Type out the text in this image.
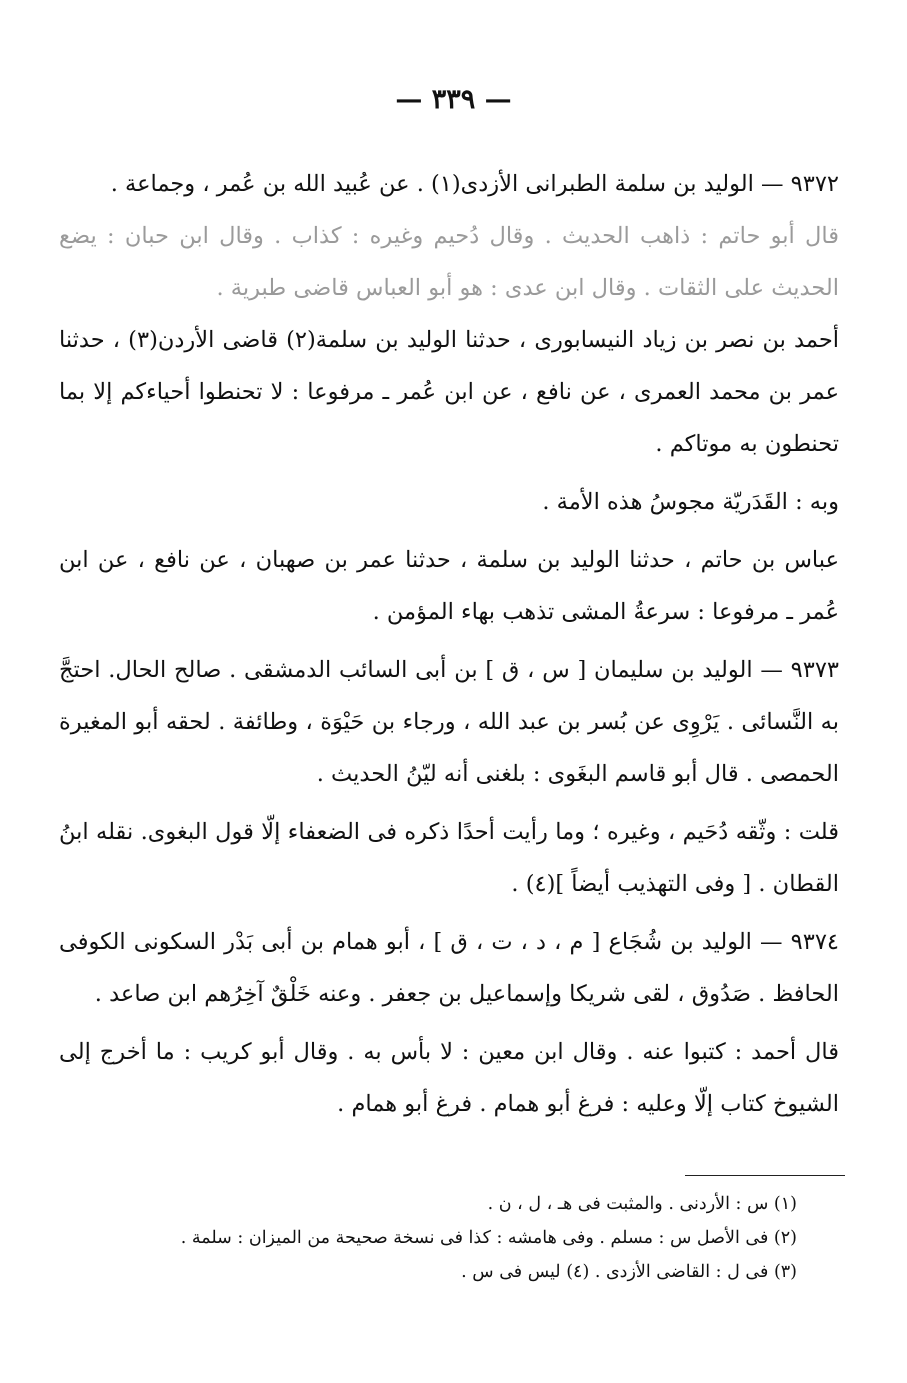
— ٣٣٩ —

٩٣٧٢ — الوليد بن سلمة الطبرانى الأزدى(١) . عن عُبيد الله بن عُمر ، وجماعة .

قال أبو حاتم : ذاهب الحديث . وقال دُحيم وغيره : كذاب . وقال ابن حبان : يضع الحديث على الثقات . وقال ابن عدى : هو أبو العباس قاضى طبرية .

أحمد بن نصر بن زياد النيسابورى ، حدثنا الوليد بن سلمة(٢) قاضى الأردن(٣) ، حدثنا عمر بن محمد العمرى ، عن نافع ، عن ابن عُمر ـ مرفوعا : لا تحنطوا أحياءكم إلا بما تحنطون به موتاكم .

وبه : القَدَريّة مجوسُ هذه الأمة .

عباس بن حاتم ، حدثنا الوليد بن سلمة ، حدثنا عمر بن صهبان ، عن نافع ، عن ابن عُمر ـ مرفوعا : سرعةُ المشى تذهب بهاء المؤمن .

٩٣٧٣ — الوليد بن سليمان [ س ، ق ] بن أبى السائب الدمشقى . صالح الحال. احتجَّ به النَّسائى . يَرْوِى عن بُسر بن عبد الله ، ورجاء بن حَيْوَة ، وطائفة . لحقه أبو المغيرة الحمصى . قال أبو قاسم البغَوى : بلغنى أنه ليّنُ الحديث .

قلت : وثّقه دُحَيم ، وغيره ؛ وما رأيت أحدًا ذكره فى الضعفاء إلّا قول البغوى. نقله ابنُ القطان . [ وفى التهذيب أيضاً ](٤) .

٩٣٧٤ — الوليد بن شُجَاع [ م ، د ، ت ، ق ] ، أبو همام بن أبى بَدْر السكونى الكوفى الحافظ . صَدُوق ، لقى شريكا وإسماعيل بن جعفر . وعنه خَلْقٌ آخِرُهم ابن صاعد .

قال أحمد : كتبوا عنه . وقال ابن معين : لا بأس به . وقال أبو كريب : ما أخرج إلى الشيوخ كتاب إلّا وعليه : فرغ أبو همام . فرغ أبو همام .

(١) س : الأردنى . والمثبت فى هـ ، ل ، ن .

(٢) فى الأصل س : مسلم . وفى هامشه : كذا فى نسخة صحيحة من الميزان : سلمة .

(٣) فى ل : القاضى الأزدى . (٤) ليس فى س .
